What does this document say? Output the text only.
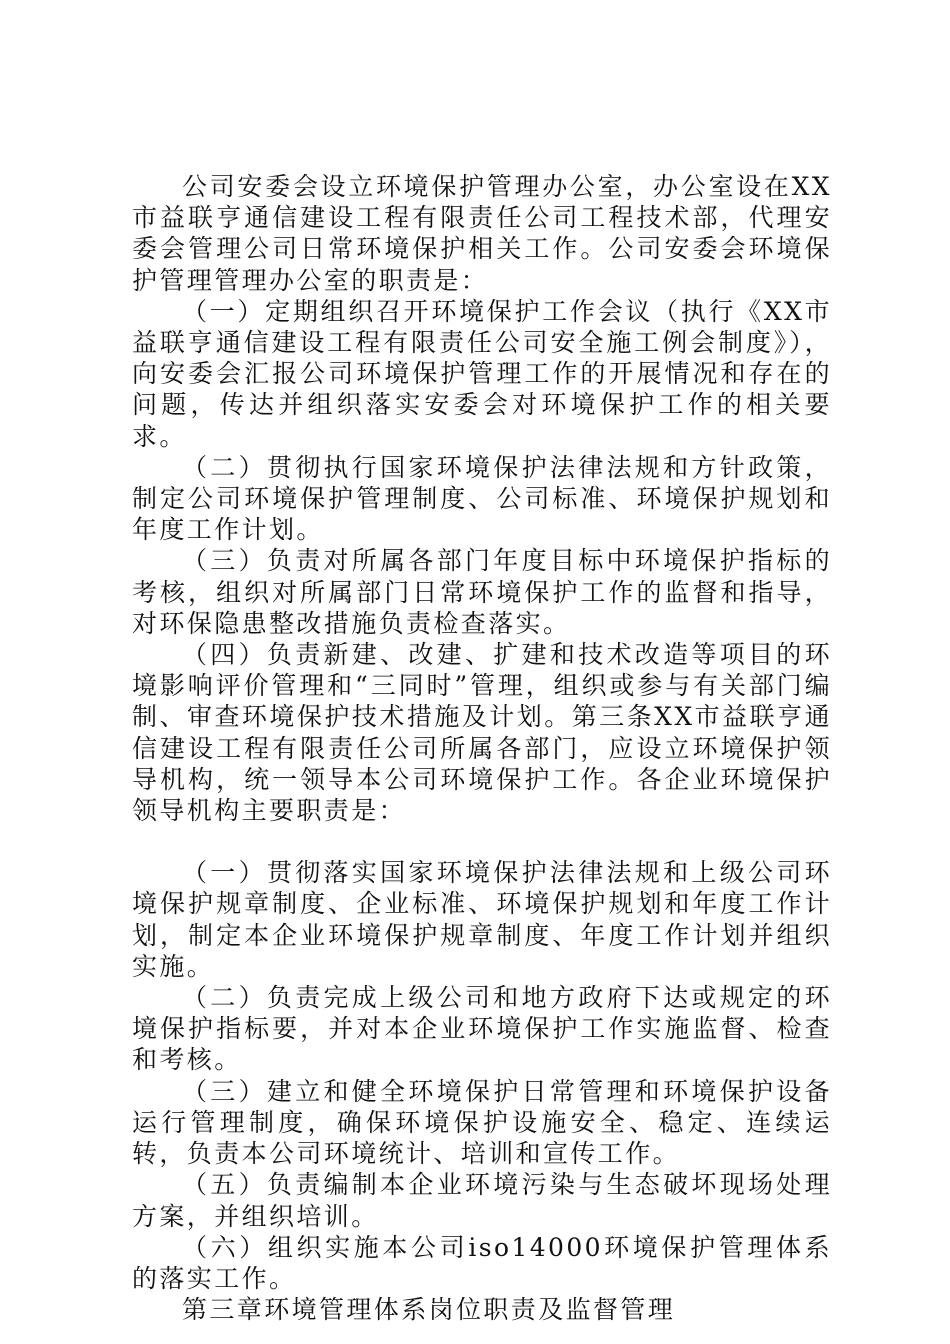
公司安委会设立环境保护管理办公室，办公室设在XX市益联亨通信建设工程有限责任公司工程技术部，代理安委会管理公司日常环境保护相关工作。公司安委会环境保护管理管理办公室的职责是：

（一）定期组织召开环境保护工作会议（执行《XX市益联亨通信建设工程有限责任公司安全施工例会制度》），向安委会汇报公司环境保护管理工作的开展情况和存在的问题，传达并组织落实安委会对环境保护工作的相关要求。

（二）贯彻执行国家环境保护法律法规和方针政策，制定公司环境保护管理制度、公司标准、环境保护规划和年度工作计划。

（三）负责对所属各部门年度目标中环境保护指标的考核，组织对所属部门日常环境保护工作的监督和指导，对环保隐患整改措施负责检查落实。

（四）负责新建、改建、扩建和技术改造等项目的环境影响评价管理和“三同时”管理，组织或参与有关部门编制、审查环境保护技术措施及计划。第三条XX市益联亨通信建设工程有限责任公司所属各部门，应设立环境保护领导机构，统一领导本公司环境保护工作。各企业环境保护领导机构主要职责是：

（一）贯彻落实国家环境保护法律法规和上级公司环境保护规章制度、企业标准、环境保护规划和年度工作计划，制定本企业环境保护规章制度、年度工作计划并组织实施。

（二）负责完成上级公司和地方政府下达或规定的环境保护指标要，并对本企业环境保护工作实施监督、检查和考核。

（三）建立和健全环境保护日常管理和环境保护设备运行管理制度，确保环境保护设施安全、稳定、连续运转，负责本公司环境统计、培训和宣传工作。

（五）负责编制本企业环境污染与生态破坏现场处理方案，并组织培训。

（六）组织实施本公司iso14000环境保护管理体系的落实工作。

第三章环境管理体系岗位职责及监督管理
